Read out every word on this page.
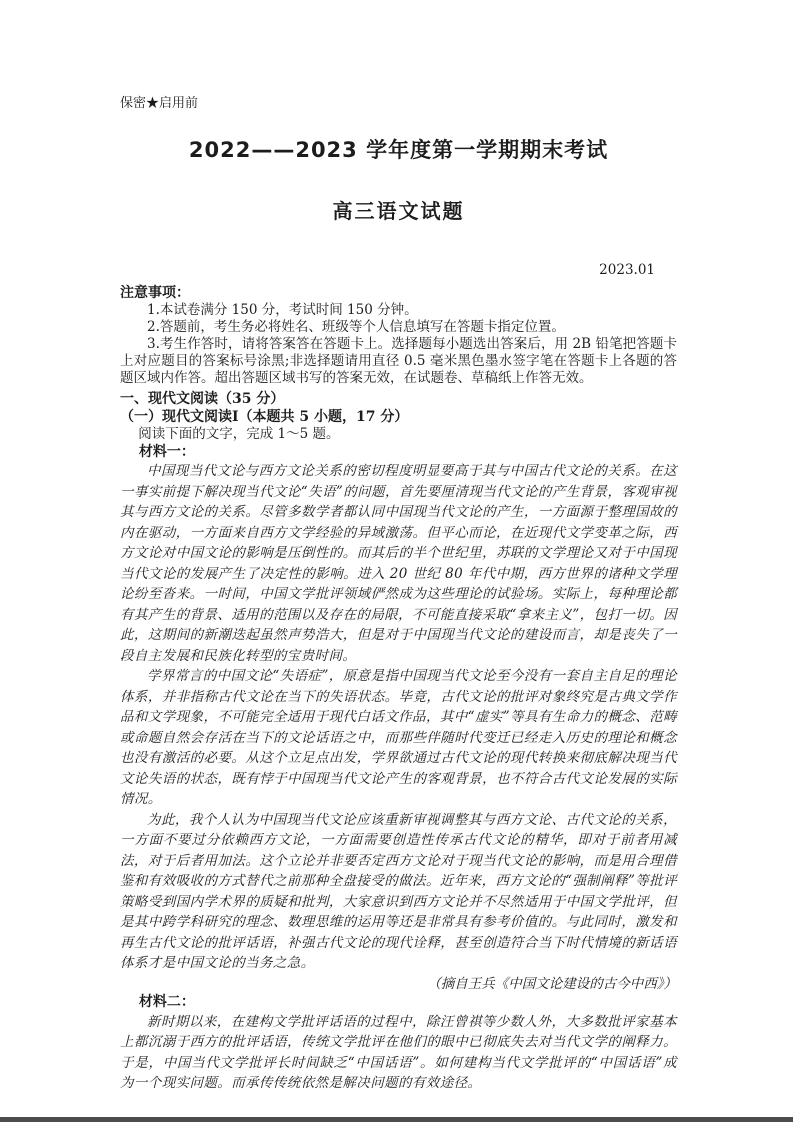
保密★启用前
2022——2023 学年度第一学期期末考试
高三语文试题
2023.01
注意事项：

1.本试卷满分 150 分，考试时间 150 分钟。

2.答题前，考生务必将姓名、班级等个人信息填写在答题卡指定位置。

3.考生作答时，请将答案答在答题卡上。选择题每小题选出答案后，用 2B 铅笔把答题卡上对应题目的答案标号涂黑;非选择题请用直径 0.5 毫米黑色墨水签字笔在答题卡上各题的答题区域内作答。超出答题区域书写的答案无效，在试题卷、草稿纸上作答无效。

一、现代文阅读（35 分）
（一）现代文阅读Ⅰ（本题共 5 小题，17 分）
阅读下面的文字，完成 1～5 题。
材料一：

中国现当代文论与西方文论关系的密切程度明显要高于其与中国古代文论的关系。在这一事实前提下解决现当代文论“失语”的问题，首先要厘清现当代文论的产生背景，客观审视其与西方文论的关系。尽管多数学者都认同中国现当代文论的产生，一方面源于整理国故的内在驱动，一方面来自西方文学经验的异域激荡。但平心而论，在近现代文学变革之际，西方文论对中国文论的影响是压倒性的。而其后的半个世纪里，苏联的文学理论又对于中国现当代文论的发展产生了决定性的影响。进入 20 世纪 80 年代中期，西方世界的诸种文学理论纷至沓来。一时间，中国文学批评领域俨然成为这些理论的试验场。实际上，每种理论都有其产生的背景、适用的范围以及存在的局限，不可能直接采取“拿来主义”，包打一切。因此，这期间的新潮迭起虽然声势浩大，但是对于中国现当代文论的建设而言，却是丧失了一段自主发展和民族化转型的宝贵时间。

学界常言的中国文论“失语症”，原意是指中国现当代文论至今没有一套自主自足的理论体系，并非指称古代文论在当下的失语状态。毕竟，古代文论的批评对象终究是古典文学作品和文学现象，不可能完全适用于现代白话文作品，其中“虚实”等具有生命力的概念、范畴或命题自然会存活在当下的文论话语之中，而那些伴随时代变迁已经走入历史的理论和概念也没有激活的必要。从这个立足点出发，学界欲通过古代文论的现代转换来彻底解决现当代文论失语的状态，既有悖于中国现当代文论产生的客观背景，也不符合古代文论发展的实际情况。

为此，我个人认为中国现当代文论应该重新审视调整其与西方文论、古代文论的关系，一方面不要过分依赖西方文论，一方面需要创造性传承古代文论的精华，即对于前者用减法，对于后者用加法。这个立论并非要否定西方文论对于现当代文论的影响，而是用合理借鉴和有效吸收的方式替代之前那种全盘接受的做法。近年来，西方文论的“强制阐释”等批评策略受到国内学术界的质疑和批判，大家意识到西方文论并不尽然适用于中国文学批评，但是其中跨学科研究的理念、数理思维的运用等还是非常具有参考价值的。与此同时，激发和再生古代文论的批评话语，补强古代文论的现代诠释，甚至创造符合当下时代情境的新话语体系才是中国文论的当务之急。

（摘自王兵《中国文论建设的古今中西》）
材料二：

新时期以来，在建构文学批评话语的过程中，除汪曾祺等少数人外，大多数批评家基本上都沉溺于西方的批评话语，传统文学批评在他们的眼中已彻底失去对当代文学的阐释力。于是，中国当代文学批评长时间缺乏“中国话语”。如何建构当代文学批评的“中国话语”成为一个现实问题。而承传传统依然是解决问题的有效途径。
